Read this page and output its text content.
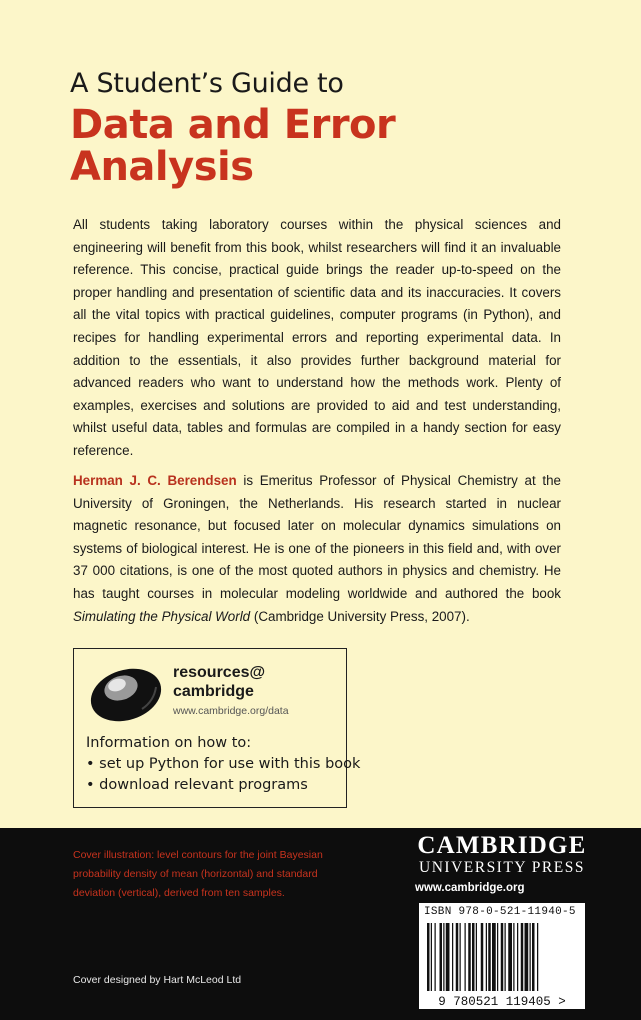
A Student’s Guide to
Data and Error
Analysis
All students taking laboratory courses within the physical sciences and engineering will benefit from this book, whilst researchers will find it an invaluable reference. This concise, practical guide brings the reader up-to-speed on the proper handling and presentation of scientific data and its inaccuracies. It covers all the vital topics with practical guidelines, computer programs (in Python), and recipes for handling experimental errors and reporting experimental data. In addition to the essentials, it also provides further background material for advanced readers who want to understand how the methods work. Plenty of examples, exercises and solutions are provided to aid and test understanding, whilst useful data, tables and formulas are compiled in a handy section for easy reference.
Herman J. C. Berendsen is Emeritus Professor of Physical Chemistry at the University of Groningen, the Netherlands. His research started in nuclear magnetic resonance, but focused later on molecular dynamics simulations on systems of biological interest. He is one of the pioneers in this field and, with over 37 000 citations, is one of the most quoted authors in physics and chemistry. He has taught courses in molecular modeling worldwide and authored the book Simulating the Physical World (Cambridge University Press, 2007).
resources@
cambridge
www.cambridge.org/data
Information on how to:
• set up Python for use with this book
• download relevant programs
Cover illustration: level contours for the joint Bayesian probability density of mean (horizontal) and standard deviation (vertical), derived from ten samples.
Cover designed by Hart McLeod Ltd
CAMBRIDGE
UNIVERSITY PRESS
www.cambridge.org
ISBN 978-0-521-11940-5
9 780521 119405 >
